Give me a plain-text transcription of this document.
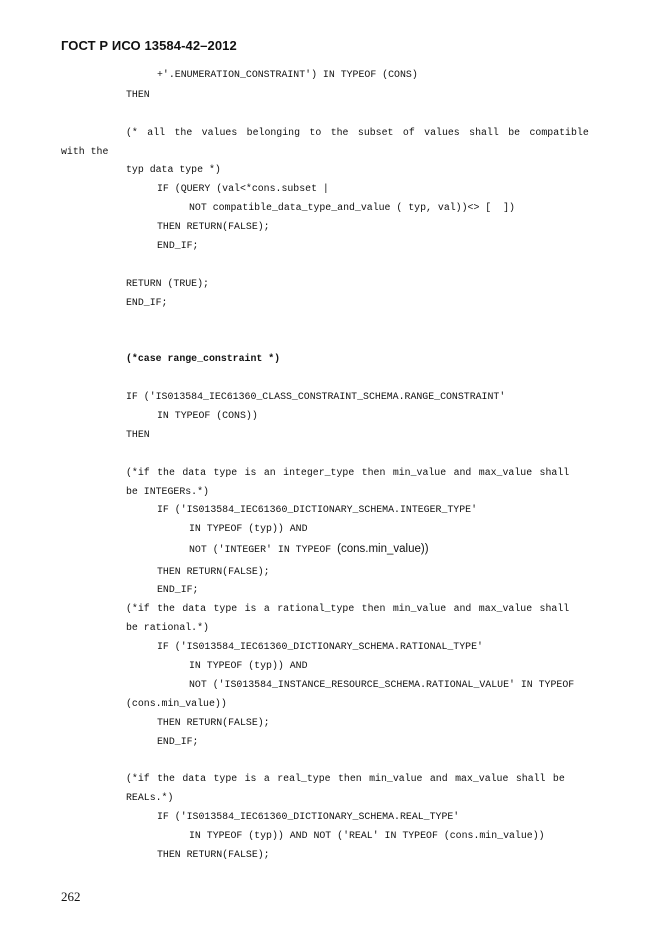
ГОСТ Р ИСО 13584-42–2012
+'.ENUMERATION_CONSTRAINT') IN TYPEOF (CONS)
THEN
(* all the values belonging to the subset of values shall be compatible
with the
typ data type *)
IF (QUERY (val<*cons.subset |
NOT compatible_data_type_and_value ( typ, val))<> [  ])
THEN RETURN(FALSE);
END_IF;
RETURN (TRUE);
END_IF;
(*case range_constraint *)
IF ('IS013584_IEC61360_CLASS_CONSTRAINT_SCHEMA.RANGE_CONSTRAINT'
IN TYPEOF (CONS))
THEN
(*if the data type is an integer_type then min_value and max_value shall
be INTEGERs.*)
IF ('IS013584_IEC61360_DICTIONARY_SCHEMA.INTEGER_TYPE'
IN TYPEOF (typ)) AND
NOT ('INTEGER' IN TYPEOF (cons.min_value))
THEN RETURN(FALSE);
END_IF;
(*if the data type is a rational_type then min_value and max_value shall
be rational.*)
IF ('IS013584_IEC61360_DICTIONARY_SCHEMA.RATIONAL_TYPE'
IN TYPEOF (typ)) AND
NOT ('IS013584_INSTANCE_RESOURCE_SCHEMA.RATIONAL_VALUE' IN TYPEOF
(cons.min_value))
THEN RETURN(FALSE);
END_IF;
(*if the data type is a real_type then min_value and max_value shall be
REALs.*)
IF ('IS013584_IEC61360_DICTIONARY_SCHEMA.REAL_TYPE'
IN TYPEOF (typ)) AND NOT ('REAL' IN TYPEOF (cons.min_value))
THEN RETURN(FALSE);
262
